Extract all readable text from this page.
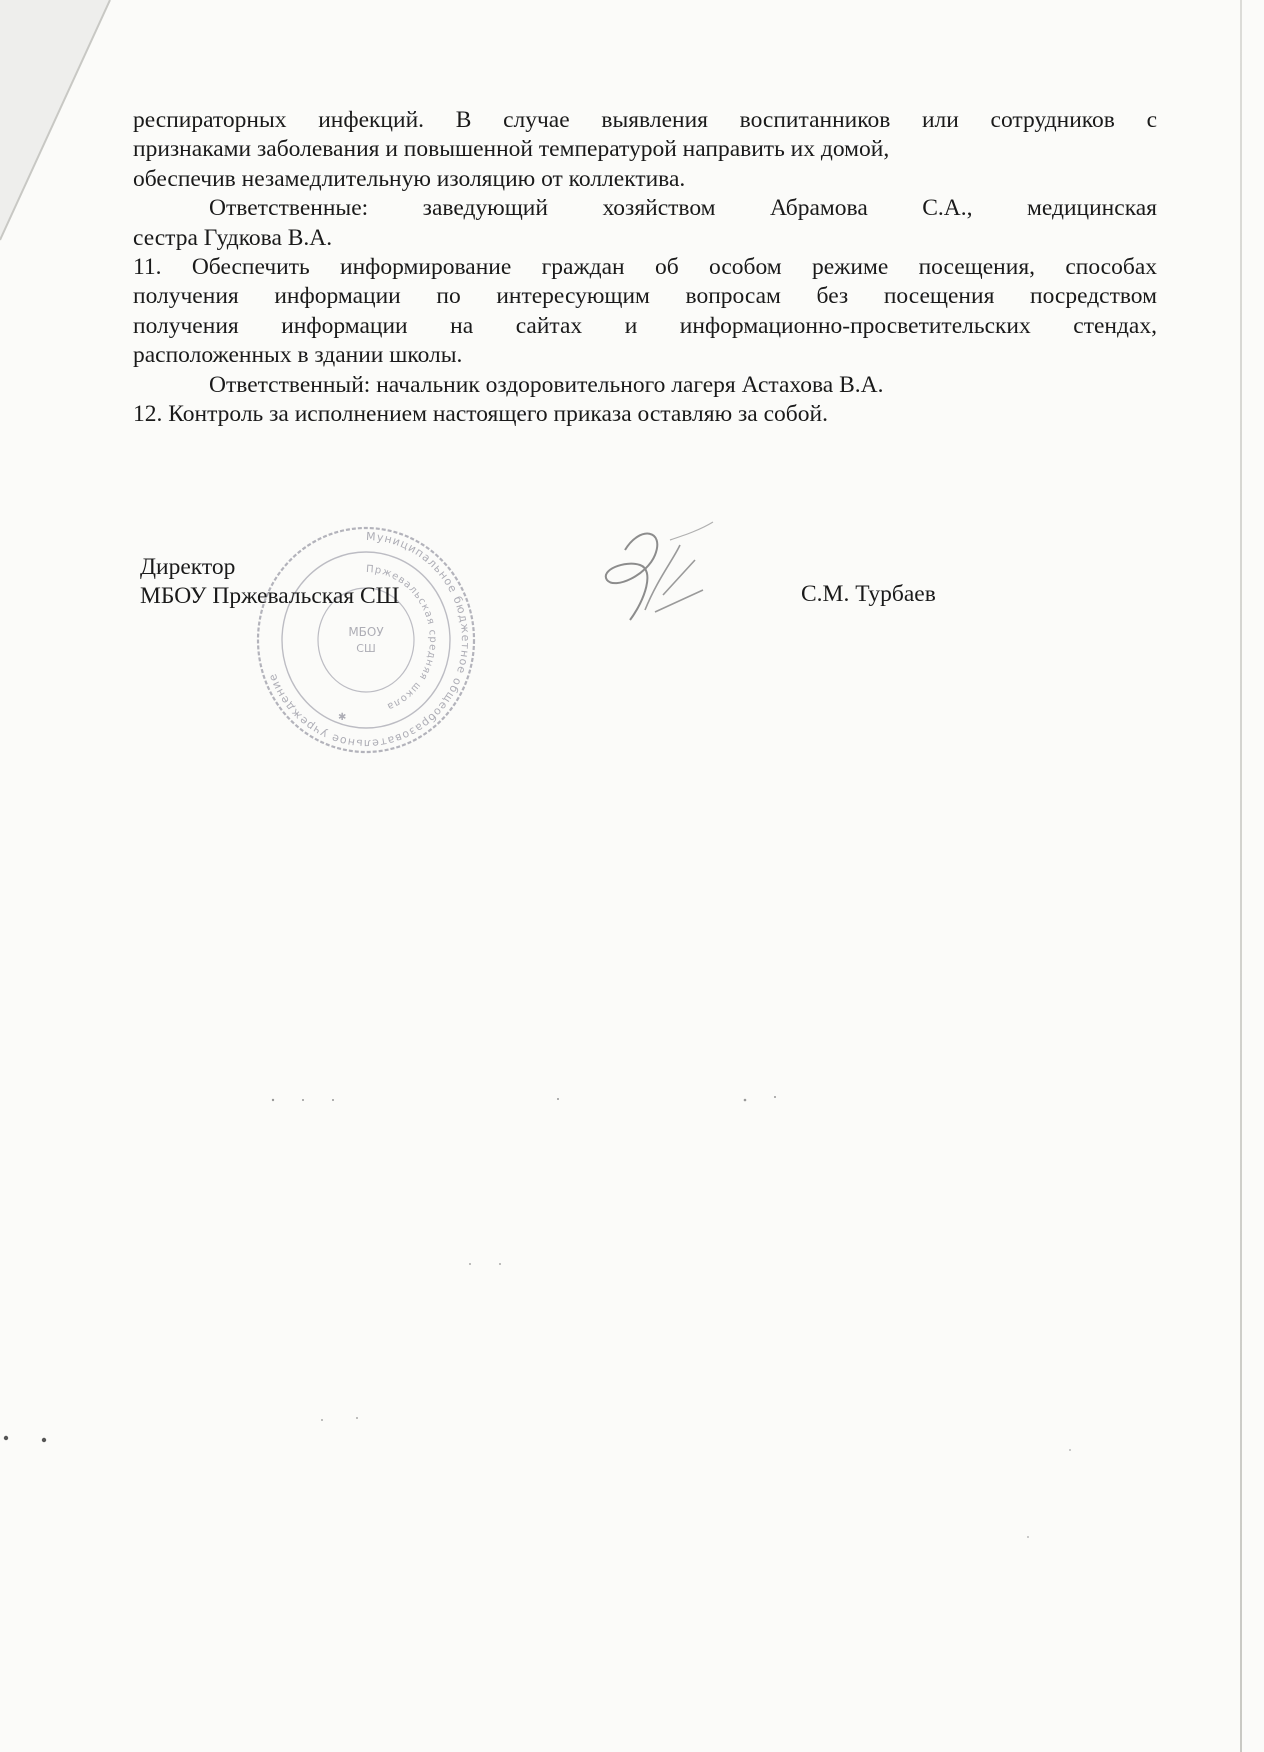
респираторных инфекций. В случае выявления воспитанников или сотрудников с
признаками заболевания и повышенной температурой направить их домой,
обеспечив незамедлительную изоляцию от коллектива.
Ответственные: заведующий хозяйством Абрамова С.А., медицинская
сестра Гудкова В.А.
11. Обеспечить информирование граждан об особом режиме посещения, способах
получения информации по интересующим вопросам без посещения посредством
получения информации на сайтах и информационно-просветительских стендах,
расположенных в здании школы.
Ответственный: начальник оздоровительного лагеря Астахова В.А.
12. Контроль за исполнением настоящего приказа оставляю за собой.
Муниципальное бюджетное общеобразовательное учреждение
Пржевальская средняя школа
МБОУ
СШ
✱
Директор
МБОУ Пржевальская СШ	С.М. Турбаев
